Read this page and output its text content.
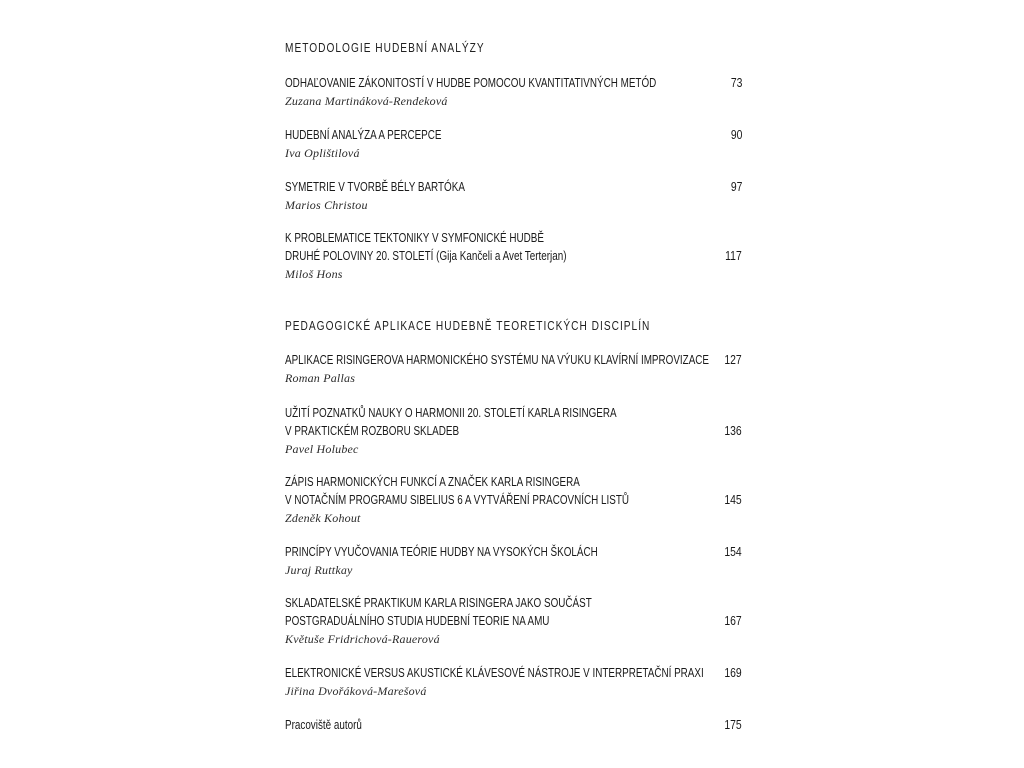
METODOLOGIE HUDEBNÍ ANALÝZY
ODHAĽOVANIE ZÁKONITOSTÍ V HUDBE POMOCOU KVANTITATIVNÝCH METÓD
Zuzana Martináková-Rendeková
73
HUDEBNÍ ANALÝZA A PERCEPCE
Iva Oplištilová
90
SYMETRIE V TVORBĚ BÉLY BARTÓKA
Marios Christou
97
K PROBLEMATICE TEKTONIKY V SYMFONICKÉ HUDBĚ
DRUHÉ POLOVINY 20. STOLETÍ (Gija Kančeli a Avet Terterjan)
Miloš Hons
117
PEDAGOGICKÉ APLIKACE HUDEBNĚ TEORETICKÝCH DISCIPLÍN
APLIKACE RISINGEROVA HARMONICKÉHO SYSTÉMU NA VÝUKU KLAVÍRNÍ IMPROVIZACE
Roman Pallas
127
UŽITÍ POZNATKŮ NAUKY O HARMONII 20. STOLETÍ KARLA RISINGERA
V PRAKTICKÉM ROZBORU SKLADEB
Pavel Holubec
136
ZÁPIS HARMONICKÝCH FUNKCÍ A ZNAČEK KARLA RISINGERA
V NOTAČNÍM PROGRAMU SIBELIUS 6 A VYTVÁŘENÍ PRACOVNÍCH LISTŮ
Zdeněk Kohout
145
PRINCÍPY VYUČOVANIA TEÓRIE HUDBY NA VYSOKÝCH ŠKOLÁCH
Juraj Ruttkay
154
SKLADATELSKÉ PRAKTIKUM KARLA RISINGERA JAKO SOUČÁST
POSTGRADUÁLNÍHO STUDIA HUDEBNÍ TEORIE NA AMU
Květuše Fridrichová-Rauerová
167
ELEKTRONICKÉ VERSUS AKUSTICKÉ KLÁVESOVÉ NÁSTROJE V INTERPRETAČNÍ PRAXI
Jiřina Dvořáková-Marešová
169
Pracoviště autorů	175
